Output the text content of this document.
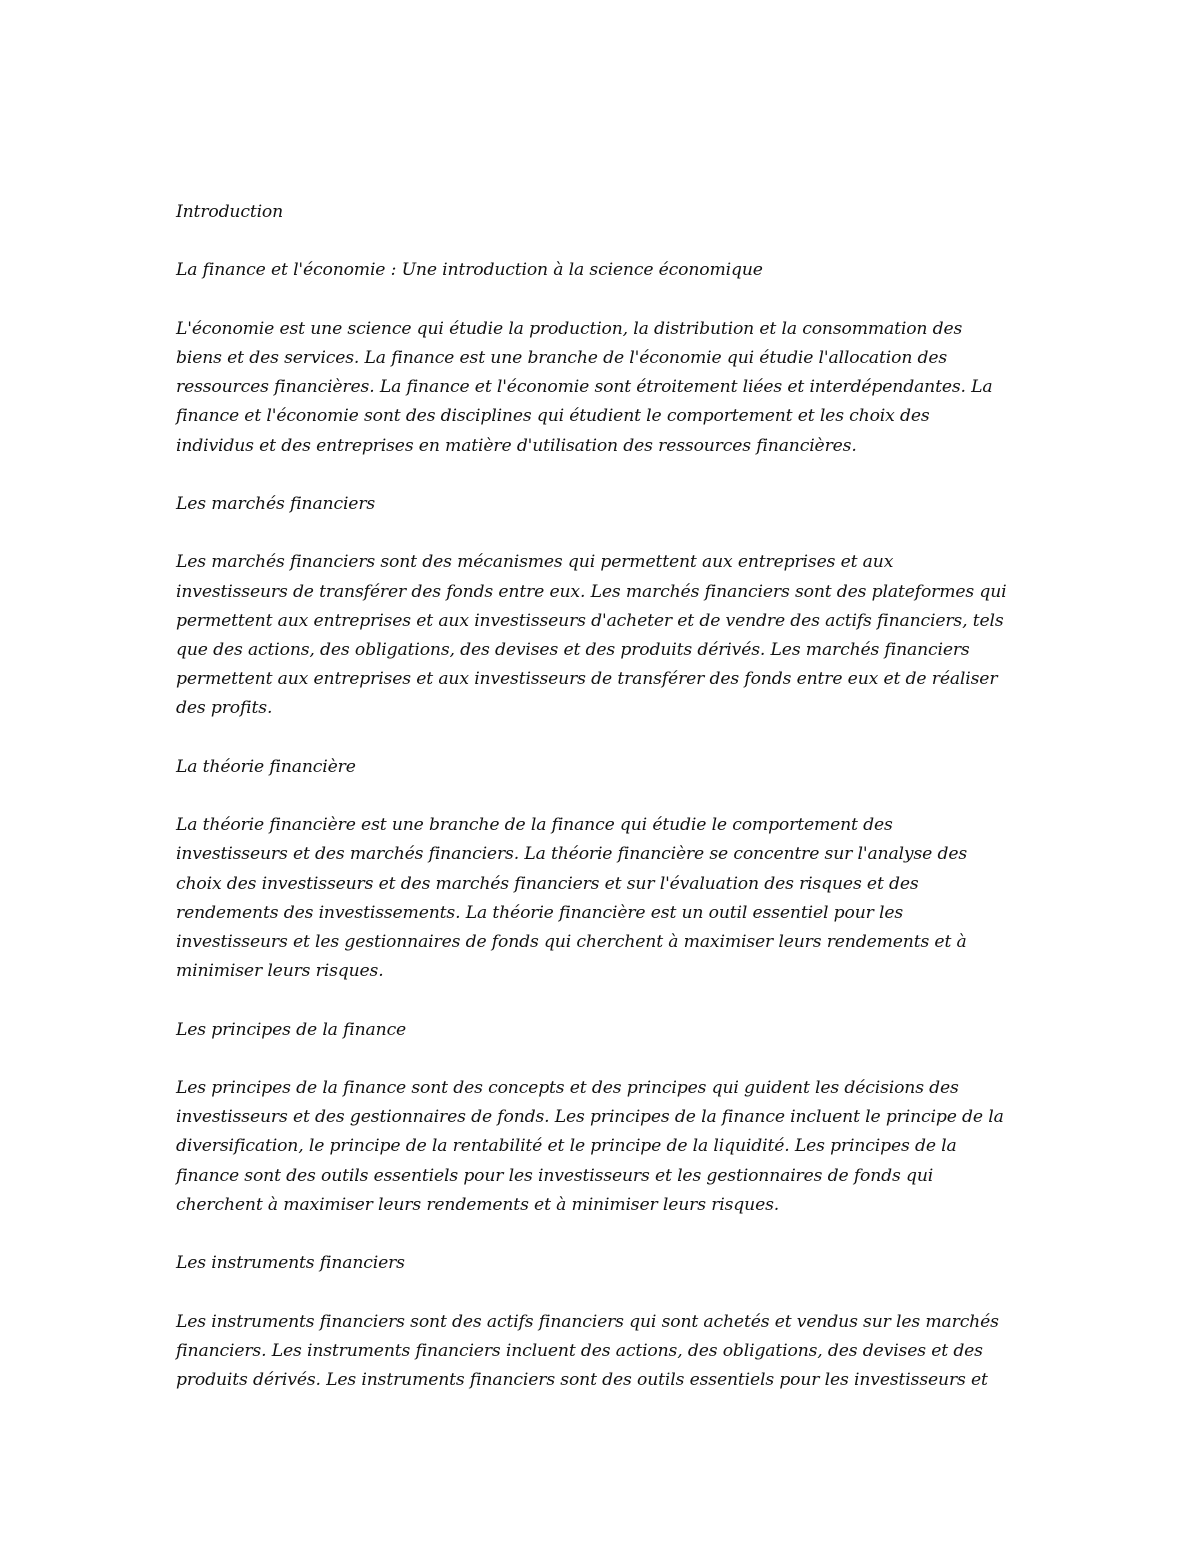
Introduction

La finance et l'économie : Une introduction à la science économique

L'économie est une science qui étudie la production, la distribution et la consommation des
biens et des services. La finance est une branche de l'économie qui étudie l'allocation des
ressources financières. La finance et l'économie sont étroitement liées et interdépendantes. La
finance et l'économie sont des disciplines qui étudient le comportement et les choix des
individus et des entreprises en matière d'utilisation des ressources financières.

Les marchés financiers

Les marchés financiers sont des mécanismes qui permettent aux entreprises et aux
investisseurs de transférer des fonds entre eux. Les marchés financiers sont des plateformes qui
permettent aux entreprises et aux investisseurs d'acheter et de vendre des actifs financiers, tels
que des actions, des obligations, des devises et des produits dérivés. Les marchés financiers
permettent aux entreprises et aux investisseurs de transférer des fonds entre eux et de réaliser
des profits.

La théorie financière

La théorie financière est une branche de la finance qui étudie le comportement des
investisseurs et des marchés financiers. La théorie financière se concentre sur l'analyse des
choix des investisseurs et des marchés financiers et sur l'évaluation des risques et des
rendements des investissements. La théorie financière est un outil essentiel pour les
investisseurs et les gestionnaires de fonds qui cherchent à maximiser leurs rendements et à
minimiser leurs risques.

Les principes de la finance

Les principes de la finance sont des concepts et des principes qui guident les décisions des
investisseurs et des gestionnaires de fonds. Les principes de la finance incluent le principe de la
diversification, le principe de la rentabilité et le principe de la liquidité. Les principes de la
finance sont des outils essentiels pour les investisseurs et les gestionnaires de fonds qui
cherchent à maximiser leurs rendements et à minimiser leurs risques.

Les instruments financiers

Les instruments financiers sont des actifs financiers qui sont achetés et vendus sur les marchés
financiers. Les instruments financiers incluent des actions, des obligations, des devises et des
produits dérivés. Les instruments financiers sont des outils essentiels pour les investisseurs et
